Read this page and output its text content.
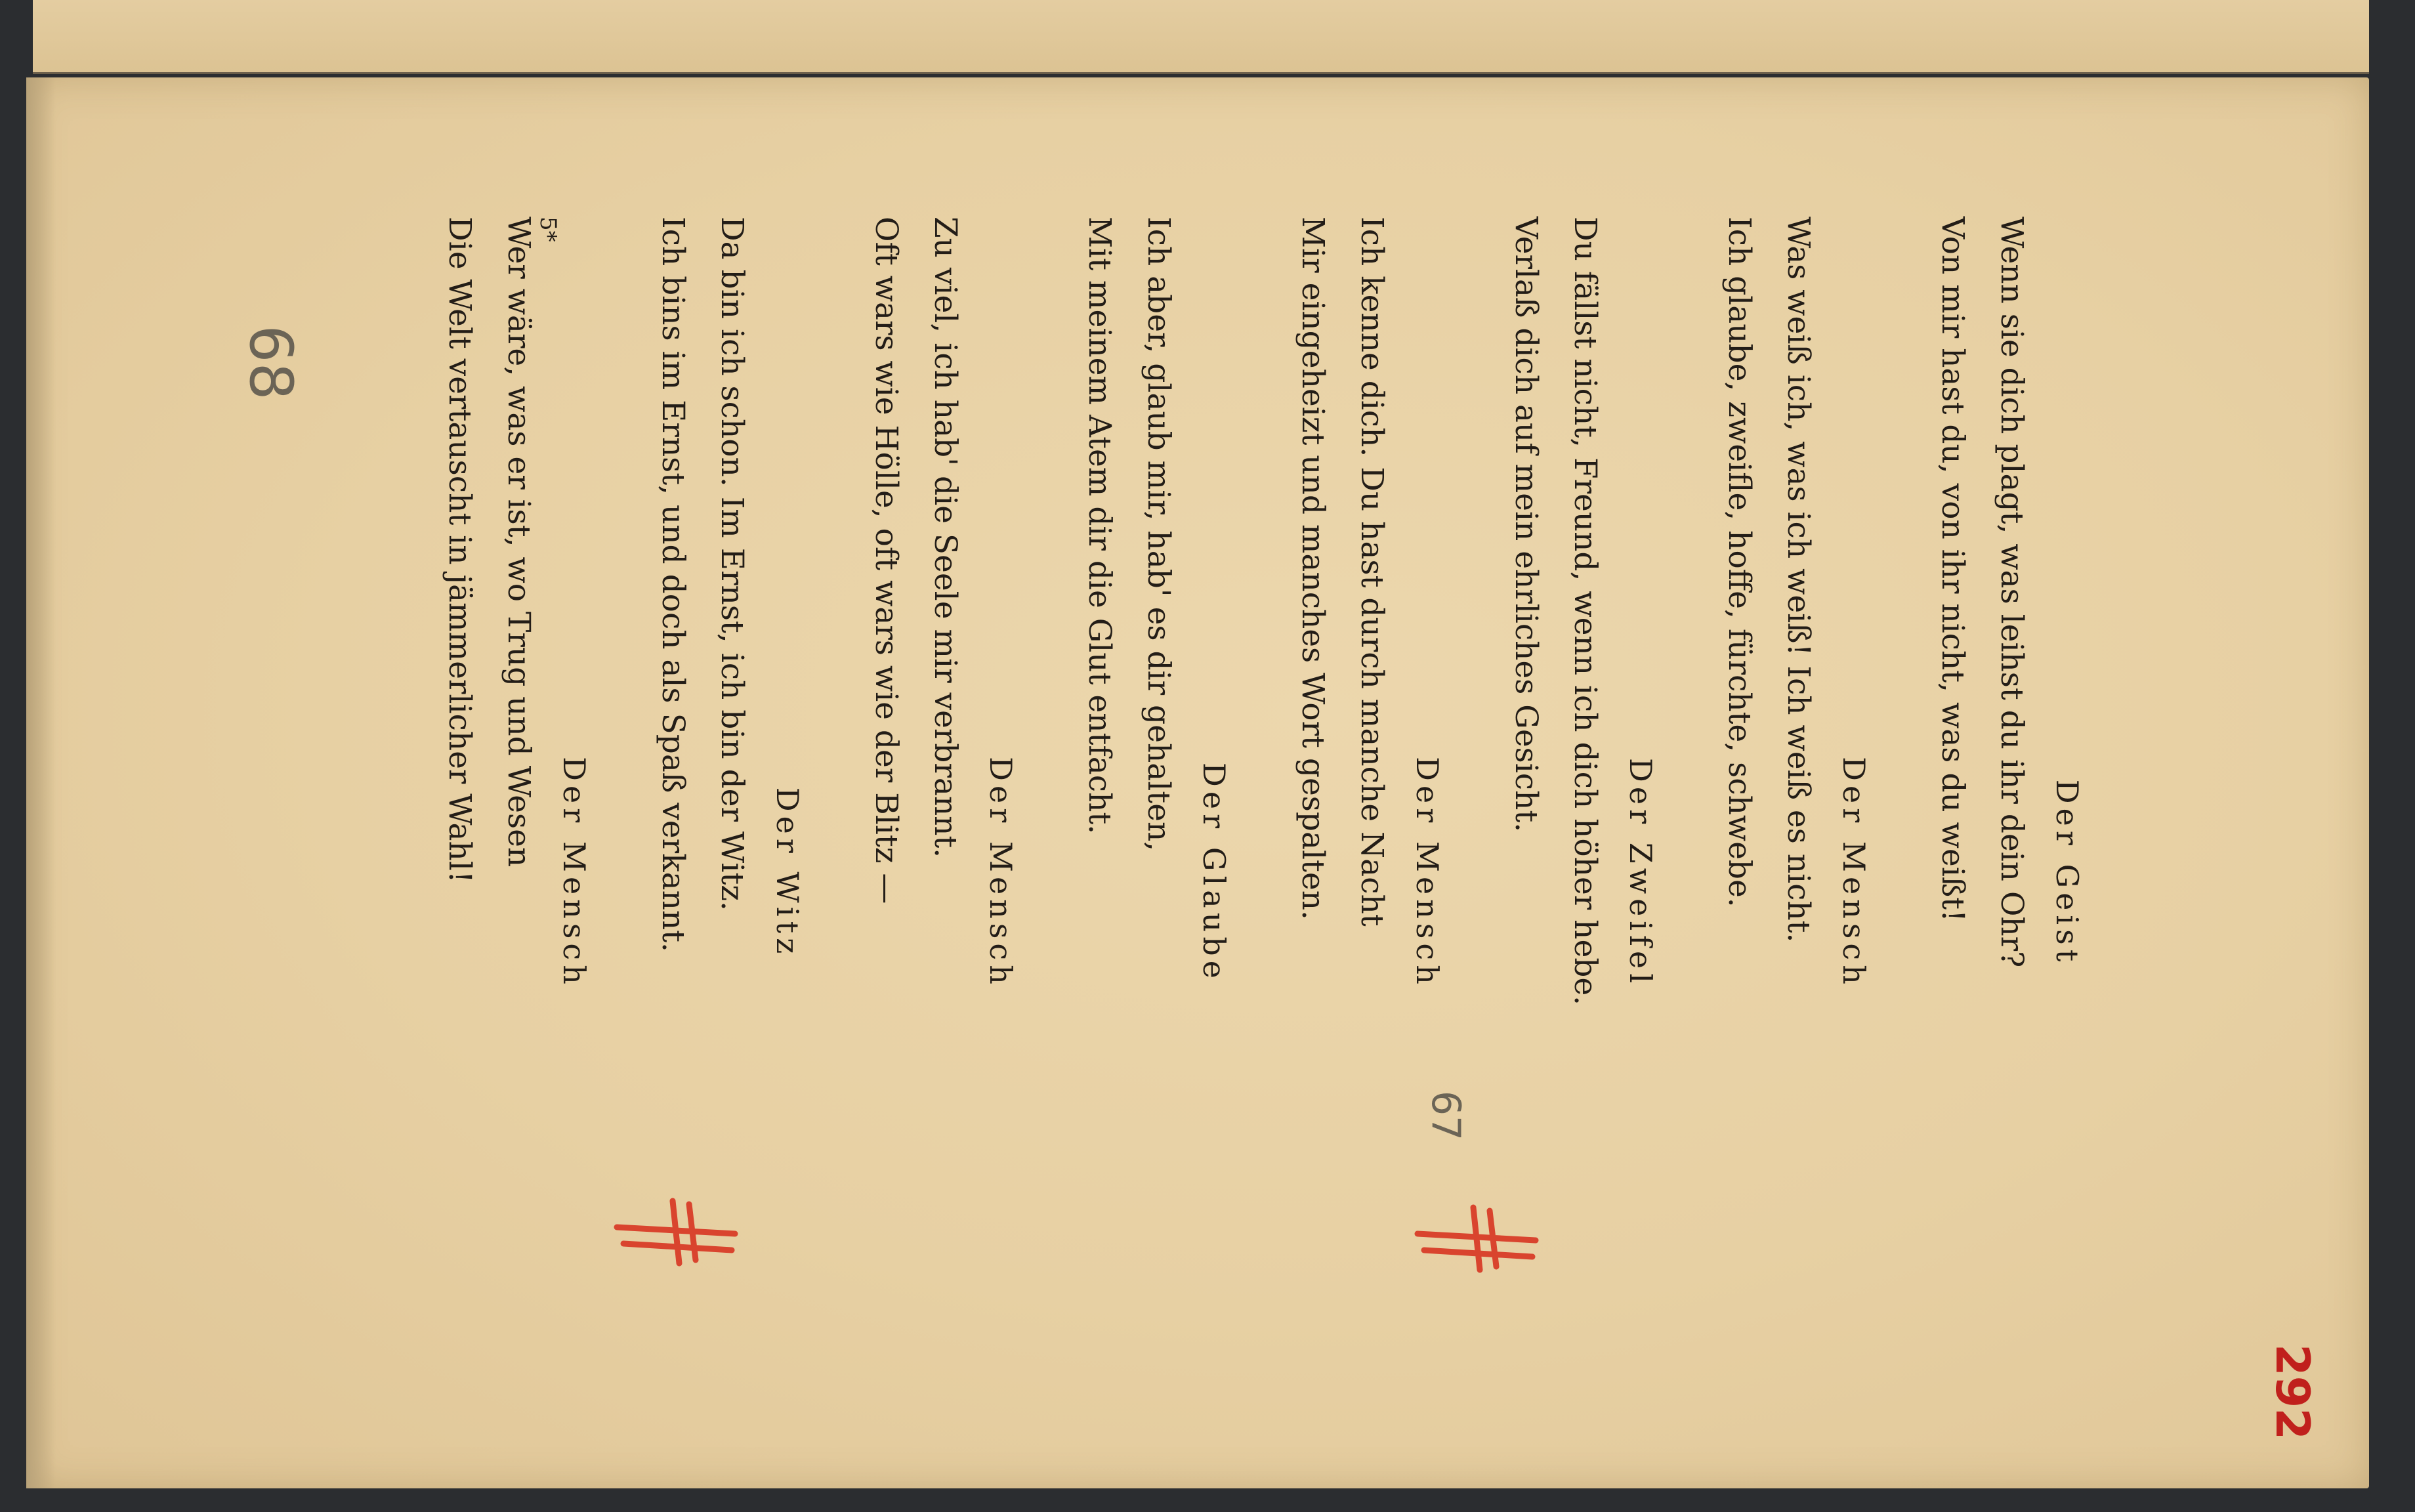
Der Geist
Wenn sie dich plagt, was leihst du ihr dein Ohr?
Von mir hast du, von ihr nicht, was du weißt!
Der Mensch
Was weiß ich, was ich weiß! Ich weiß es nicht.
Ich glaube, zweifle, hoffe, fürchte, schwebe.
Der Zweifel
Du fällst nicht, Freund, wenn ich dich höher hebe.
Verlaß dich auf mein ehrliches Gesicht.
Der Mensch
Ich kenne dich. Du hast durch manche Nacht
Mir eingeheizt und manches Wort gespalten.
Der Glaube
Ich aber, glaub mir, hab' es dir gehalten,
Mit meinem Atem dir die Glut entfacht.
Der Mensch
Zu viel, ich hab' die Seele mir verbrannt.
Oft wars wie Hölle, oft wars wie der Blitz —
Der Witz
Da bin ich schon. Im Ernst, ich bin der Witz.
Ich bins im Ernst, und doch als Spaß verkannt.
Der Mensch
Wer wäre, was er ist, wo Trug und Wesen
Die Welt vertauscht in jämmerlicher Wahl!	5*
68
67
292
